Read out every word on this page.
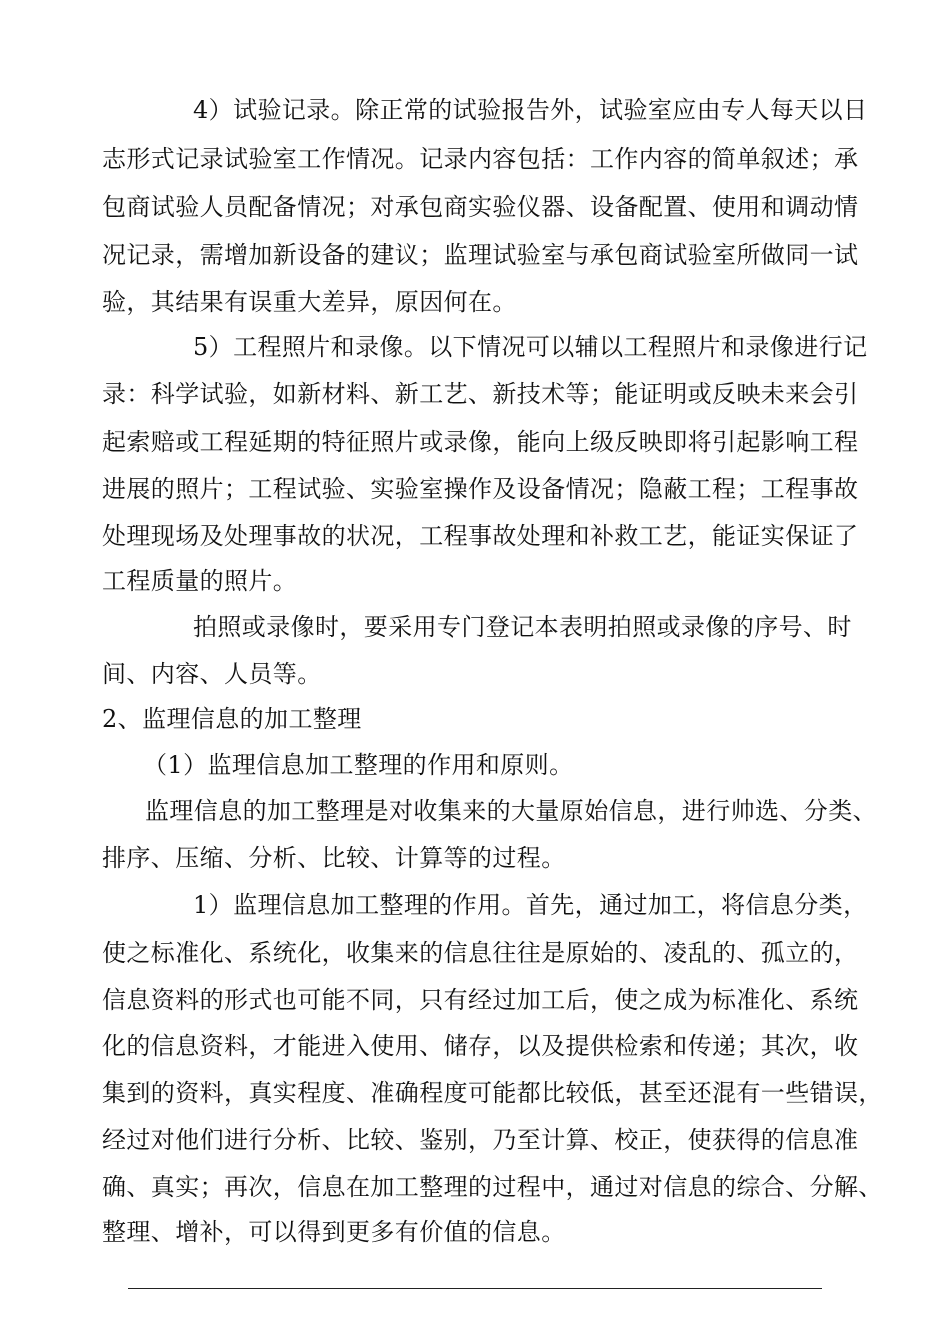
4）试验记录。除正常的试验报告外，试验室应由专人每天以日

志形式记录试验室工作情况。记录内容包括：工作内容的简单叙述；承

包商试验人员配备情况；对承包商实验仪器、设备配置、使用和调动情

况记录，需增加新设备的建议；监理试验室与承包商试验室所做同一试

验，其结果有误重大差异，原因何在。

5）工程照片和录像。以下情况可以辅以工程照片和录像进行记

录：科学试验，如新材料、新工艺、新技术等；能证明或反映未来会引

起索赔或工程延期的特征照片或录像，能向上级反映即将引起影响工程

进展的照片；工程试验、实验室操作及设备情况；隐蔽工程；工程事故

处理现场及处理事故的状况，工程事故处理和补救工艺，能证实保证了

工程质量的照片。

拍照或录像时，要采用专门登记本表明拍照或录像的序号、时

间、内容、人员等。

2、监理信息的加工整理

（1）监理信息加工整理的作用和原则。

监理信息的加工整理是对收集来的大量原始信息，进行帅选、分类、

排序、压缩、分析、比较、计算等的过程。

1）监理信息加工整理的作用。首先，通过加工，将信息分类，

使之标准化、系统化，收集来的信息往往是原始的、凌乱的、孤立的，

信息资料的形式也可能不同，只有经过加工后，使之成为标准化、系统

化的信息资料，才能进入使用、储存，以及提供检索和传递；其次，收

集到的资料，真实程度、准确程度可能都比较低，甚至还混有一些错误，

经过对他们进行分析、比较、鉴别，乃至计算、校正，使获得的信息准

确、真实；再次，信息在加工整理的过程中，通过对信息的综合、分解、

整理、增补，可以得到更多有价值的信息。
